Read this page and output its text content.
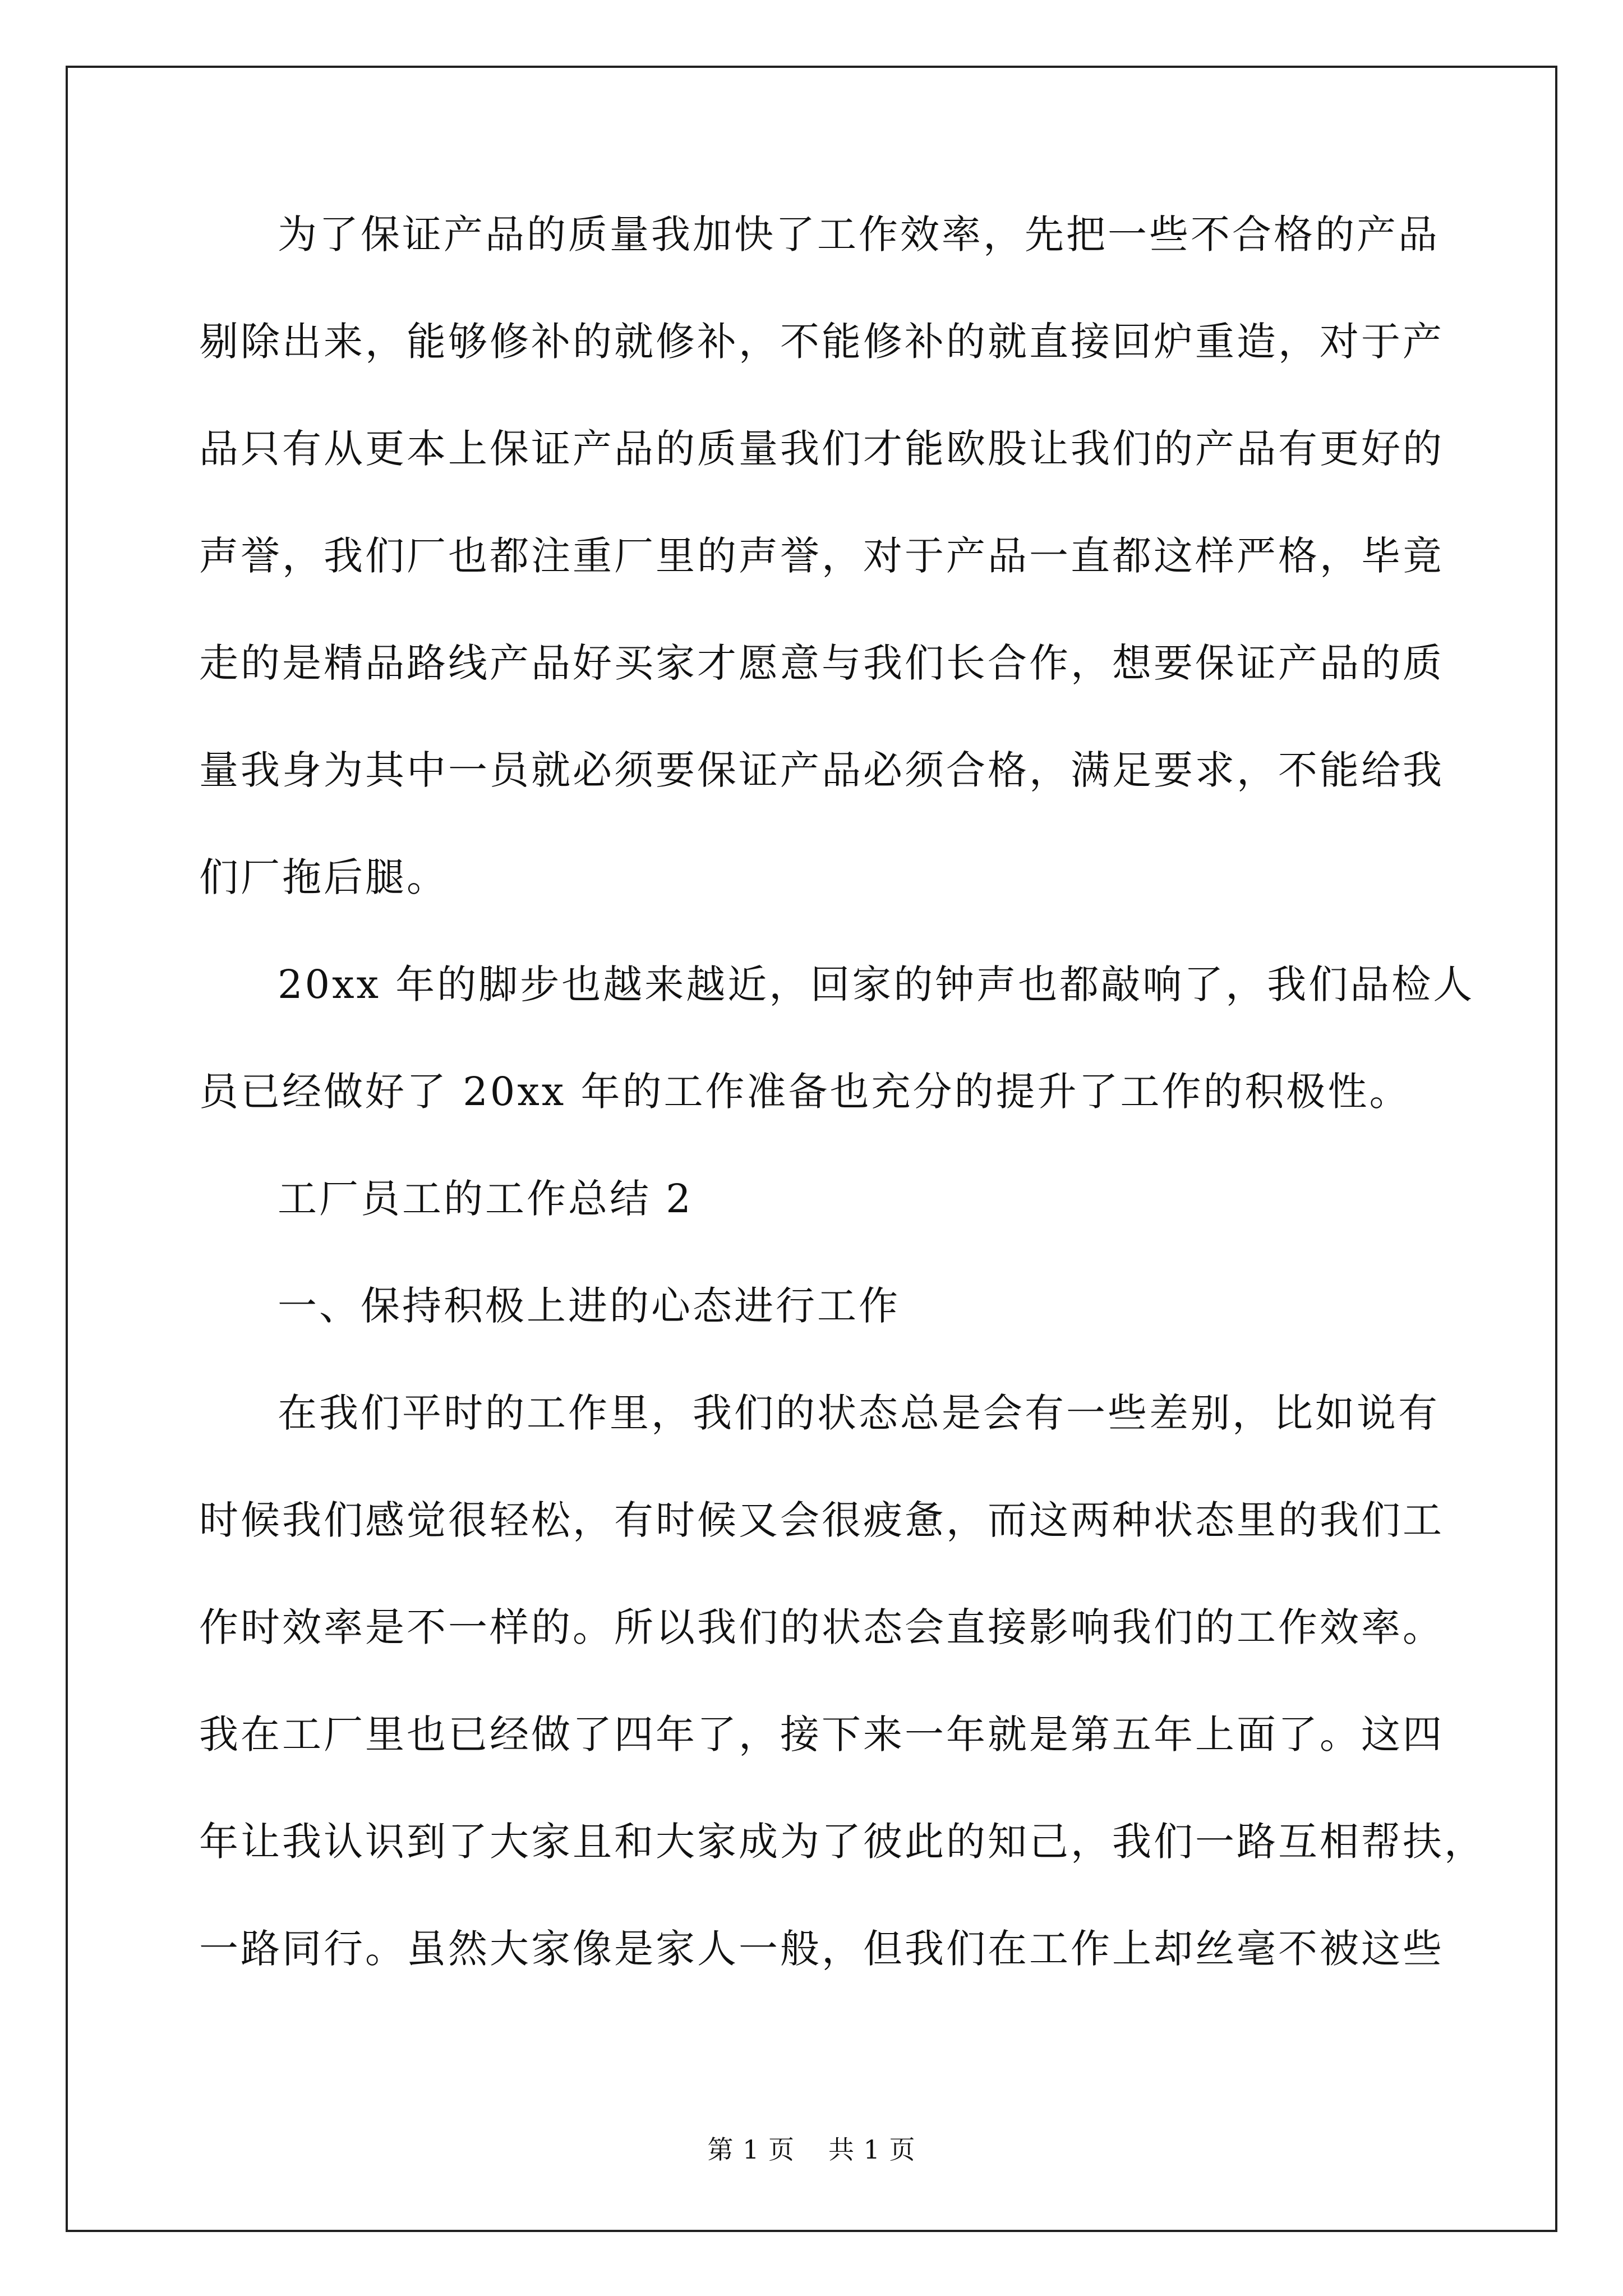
为了保证产品的质量我加快了工作效率，先把一些不合格的产品
剔除出来，能够修补的就修补，不能修补的就直接回炉重造，对于产
品只有从更本上保证产品的质量我们才能欧股让我们的产品有更好的
声誉，我们厂也都注重厂里的声誉，对于产品一直都这样严格，毕竟
走的是精品路线产品好买家才愿意与我们长合作，想要保证产品的质
量我身为其中一员就必须要保证产品必须合格，满足要求，不能给我
们厂拖后腿。
20xx 年的脚步也越来越近，回家的钟声也都敲响了，我们品检人
员已经做好了 20xx 年的工作准备也充分的提升了工作的积极性。
工厂员工的工作总结 2
一、保持积极上进的心态进行工作
在我们平时的工作里，我们的状态总是会有一些差别，比如说有
时候我们感觉很轻松，有时候又会很疲惫，而这两种状态里的我们工
作时效率是不一样的。所以我们的状态会直接影响我们的工作效率。
我在工厂里也已经做了四年了，接下来一年就是第五年上面了。这四
年让我认识到了大家且和大家成为了彼此的知己，我们一路互相帮扶，
一路同行。虽然大家像是家人一般，但我们在工作上却丝毫不被这些
第 1 页 共 1 页
